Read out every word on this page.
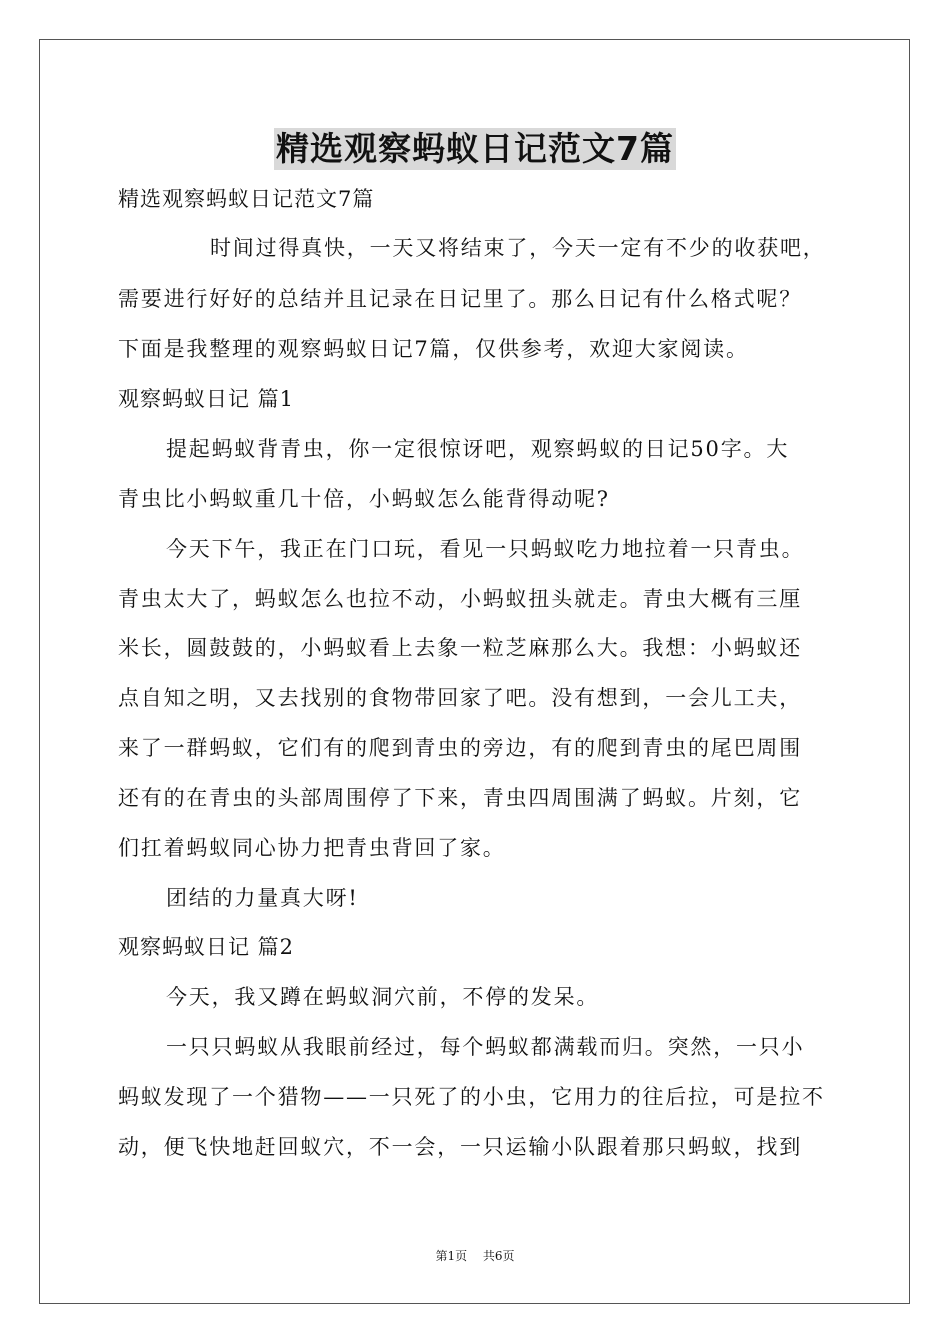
精选观察蚂蚁日记范文7篇
精选观察蚂蚁日记范文7篇
时间过得真快，一天又将结束了，今天一定有不少的收获吧，
需要进行好好的总结并且记录在日记里了。那么日记有什么格式呢？
下面是我整理的观察蚂蚁日记7篇，仅供参考，欢迎大家阅读。
观察蚂蚁日记 篇1
提起蚂蚁背青虫，你一定很惊讶吧，观察蚂蚁的日记50字。大
青虫比小蚂蚁重几十倍，小蚂蚁怎么能背得动呢?
今天下午，我正在门口玩，看见一只蚂蚁吃力地拉着一只青虫。
青虫太大了，蚂蚁怎么也拉不动，小蚂蚁扭头就走。青虫大概有三厘
米长，圆鼓鼓的，小蚂蚁看上去象一粒芝麻那么大。我想：小蚂蚁还
点自知之明，又去找别的食物带回家了吧。没有想到，一会儿工夫，
来了一群蚂蚁，它们有的爬到青虫的旁边，有的爬到青虫的尾巴周围
还有的在青虫的头部周围停了下来，青虫四周围满了蚂蚁。片刻，它
们扛着蚂蚁同心协力把青虫背回了家。
团结的力量真大呀!
观察蚂蚁日记 篇2
今天，我又蹲在蚂蚁洞穴前，不停的发呆。
一只只蚂蚁从我眼前经过，每个蚂蚁都满载而归。突然，一只小
蚂蚁发现了一个猎物——一只死了的小虫，它用力的往后拉，可是拉不
动，便飞快地赶回蚁穴，不一会，一只运输小队跟着那只蚂蚁，找到
第1页 共6页
